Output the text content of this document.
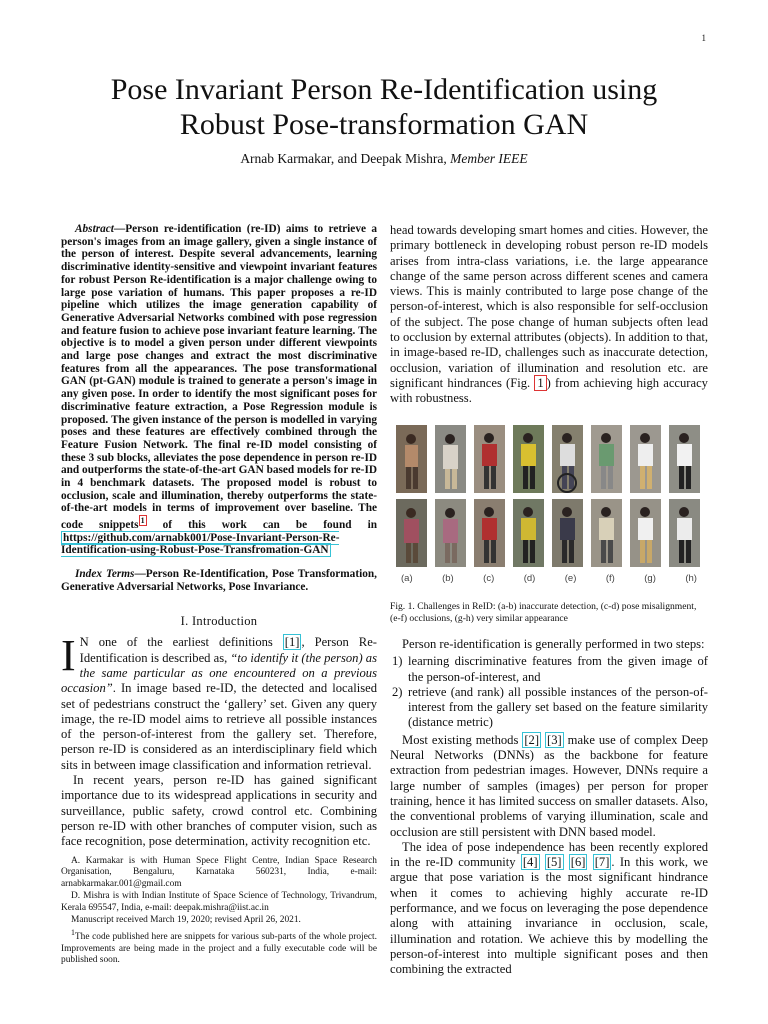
1
Pose Invariant Person Re-Identification using
Robust Pose-transformation GAN
Arnab Karmakar, and Deepak Mishra, Member IEEE

Abstract—Person re-identification (re-ID) aims to retrieve a person's images from an image gallery, given a single instance of the person of interest. Despite several advancements, learning discriminative identity-sensitive and viewpoint invariant features for robust Person Re-identification is a major challenge owing to large pose variation of humans. This paper proposes a re-ID pipeline which utilizes the image generation capability of Generative Adversarial Networks combined with pose regression and feature fusion to achieve pose invariant feature learning. The objective is to model a given person under different viewpoints and large pose changes and extract the most discriminative features from all the appearances. The pose transformational GAN (pt-GAN) module is trained to generate a person's image in any given pose. In order to identify the most significant poses for discriminative feature extraction, a Pose Regression module is proposed. The given instance of the person is modelled in varying poses and these features are effectively combined through the Feature Fusion Network. The final re-ID model consisting of these 3 sub blocks, alleviates the pose dependence in person re-ID and outperforms the state-of-the-art GAN based models for re-ID in 4 benchmark datasets. The proposed model is robust to occlusion, scale and illumination, thereby outperforms the state-of-the-art models in terms of improvement over baseline. The code snippets $^1$ of this work can be found in https://github.com/arnabk001/Pose-Invariant-Person-Re-Identification-using-Robust-Pose-Transfromation-GAN

Index Terms—Person Re-Identification, Pose Transformation, Generative Adversarial Networks, Pose Invariance.

I. Introduction

I N one of the earliest definitions [1] , Person Re-Identification is described as, “to identify it (the person) as the same particular as one encountered on a previous occasion”. In image based re-ID, the detected and localised set of pedestrians construct the ‘gallery’ set. Given any query image, the re-ID model aims to retrieve all possible instances of the person-of-interest from the gallery set. Therefore, person re-ID is considered as an interdisciplinary field which sits in between image classification and information retrieval.

In recent years, person re-ID has gained significant importance due to its widespread applications in security and surveillance, public safety, crowd control etc. Combining person re-ID with other branches of computer vision, such as face recognition, pose determination, activity recognition etc.

A. Karmakar is with Human Spece Flight Centre, Indian Space Research Organisation, Bengaluru, Karnataka 560231, India, e-mail: arnabkarmakar.001@gmail.com

D. Mishra is with Indian Institute of Space Science of Technology, Trivandrum, Kerala 695547, India, e-mail: deepak.mishra@iist.ac.in

Manuscript received March 19, 2020; revised April 26, 2021.

$^1$The code published here are snippets for various sub-parts of the whole project. Improvements are being made in the project and a fully executable code will be published soon.

head towards developing smart homes and cities. However, the primary bottleneck in developing robust person re-ID models arises from intra-class variations, i.e. the large appearance change of the same person across different scenes and camera views. This is mainly contributed to large pose change of the person-of-interest, which is also responsible for self-occlusion of the subject. The pose change of human subjects often lead to occlusion by external attributes (objects). In addition to that, in image-based re-ID, challenges such as inaccurate detection, occlusion, variation of illumination and resolution etc. are significant hindrances (Fig. 1 ) from achieving high accuracy with robustness.

(a)	(b)	(c)	(d)	(e)	(f)	(g)	(h)
Fig. 1. Challenges in ReID: (a-b) inaccurate detection, (c-d) pose misalignment, (e-f) occlusions, (g-h) very similar appearance

Person re-identification is generally performed in two steps:

1) learning discriminative features from the given image of the person-of-interest, and
2) retrieve (and rank) all possible instances of the person-of-interest from the gallery set based on the feature similarity (distance metric)

Most existing methods [2] [3] make use of complex Deep Neural Networks (DNNs) as the backbone for feature extraction from pedestrian images. However, DNNs require a large number of samples (images) per person for proper training, hence it has limited success on smaller datasets. Also, the conventional problems of varying illumination, scale and occlusion are still persistent with DNN based model.

The idea of pose independence has been recently explored in the re-ID community [4] [5] [6] [7] . In this work, we argue that pose variation is the most significant hindrance when it comes to achieving highly accurate re-ID performance, and we focus on leveraging the pose dependence along with attaining invariance in occlusion, scale, illumination and rotation. We achieve this by modelling the person-of-interest into multiple significant poses and then combining the extracted
